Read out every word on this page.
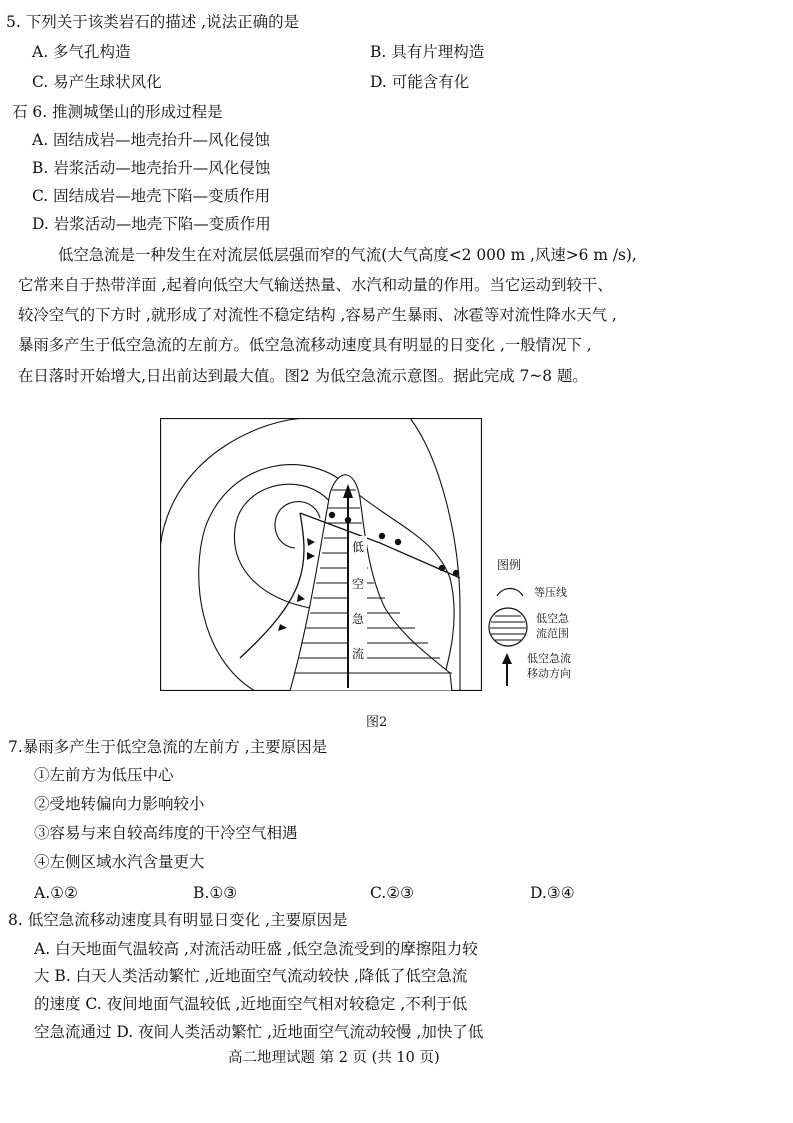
5. 下列关于该类岩石的描述 ,说法正确的是
A. 多气孔构造	B. 具有片理构造
C. 易产生球状风化	D. 可能含有化
石 6. 推测城堡山的形成过程是
A. 固结成岩—地壳抬升—风化侵蚀
B. 岩浆活动—地壳抬升—风化侵蚀
C. 固结成岩—地壳下陷—变质作用
D. 岩浆活动—地壳下陷—变质作用
低空急流是一种发生在对流层低层强而窄的气流(大气高度<2 000 m ,风速>6 m /s),
它常来自于热带洋面 ,起着向低空大气输送热量、水汽和动量的作用。当它运动到较干、
较冷空气的下方时 ,就形成了对流性不稳定结构 ,容易产生暴雨、冰雹等对流性降水天气 ,
暴雨多产生于低空急流的左前方。低空急流移动速度具有明显的日变化 ,一般情况下 ,
在日落时开始增大,日出前达到最大值。图2 为低空急流示意图。据此完成 7~8 题。
低
空
急
流
图例
等压线
低空急
流范围
低空急流
移动方向
图2
7.暴雨多产生于低空急流的左前方 ,主要原因是
①左前方为低压中心
②受地转偏向力影响较小
③容易与来自较高纬度的干冷空气相遇
④左侧区域水汽含量更大
A.①②	B.①③	C.②③	D.③④
8. 低空急流移动速度具有明显日变化 ,主要原因是
A. 白天地面气温较高 ,对流活动旺盛 ,低空急流受到的摩擦阻力较
大 B. 白天人类活动繁忙 ,近地面空气流动较快 ,降低了低空急流
的速度 C. 夜间地面气温较低 ,近地面空气相对较稳定 ,不利于低
空急流通过 D. 夜间人类活动繁忙 ,近地面空气流动较慢 ,加快了低
高二地理试题 第 2 页 (共 10 页)
